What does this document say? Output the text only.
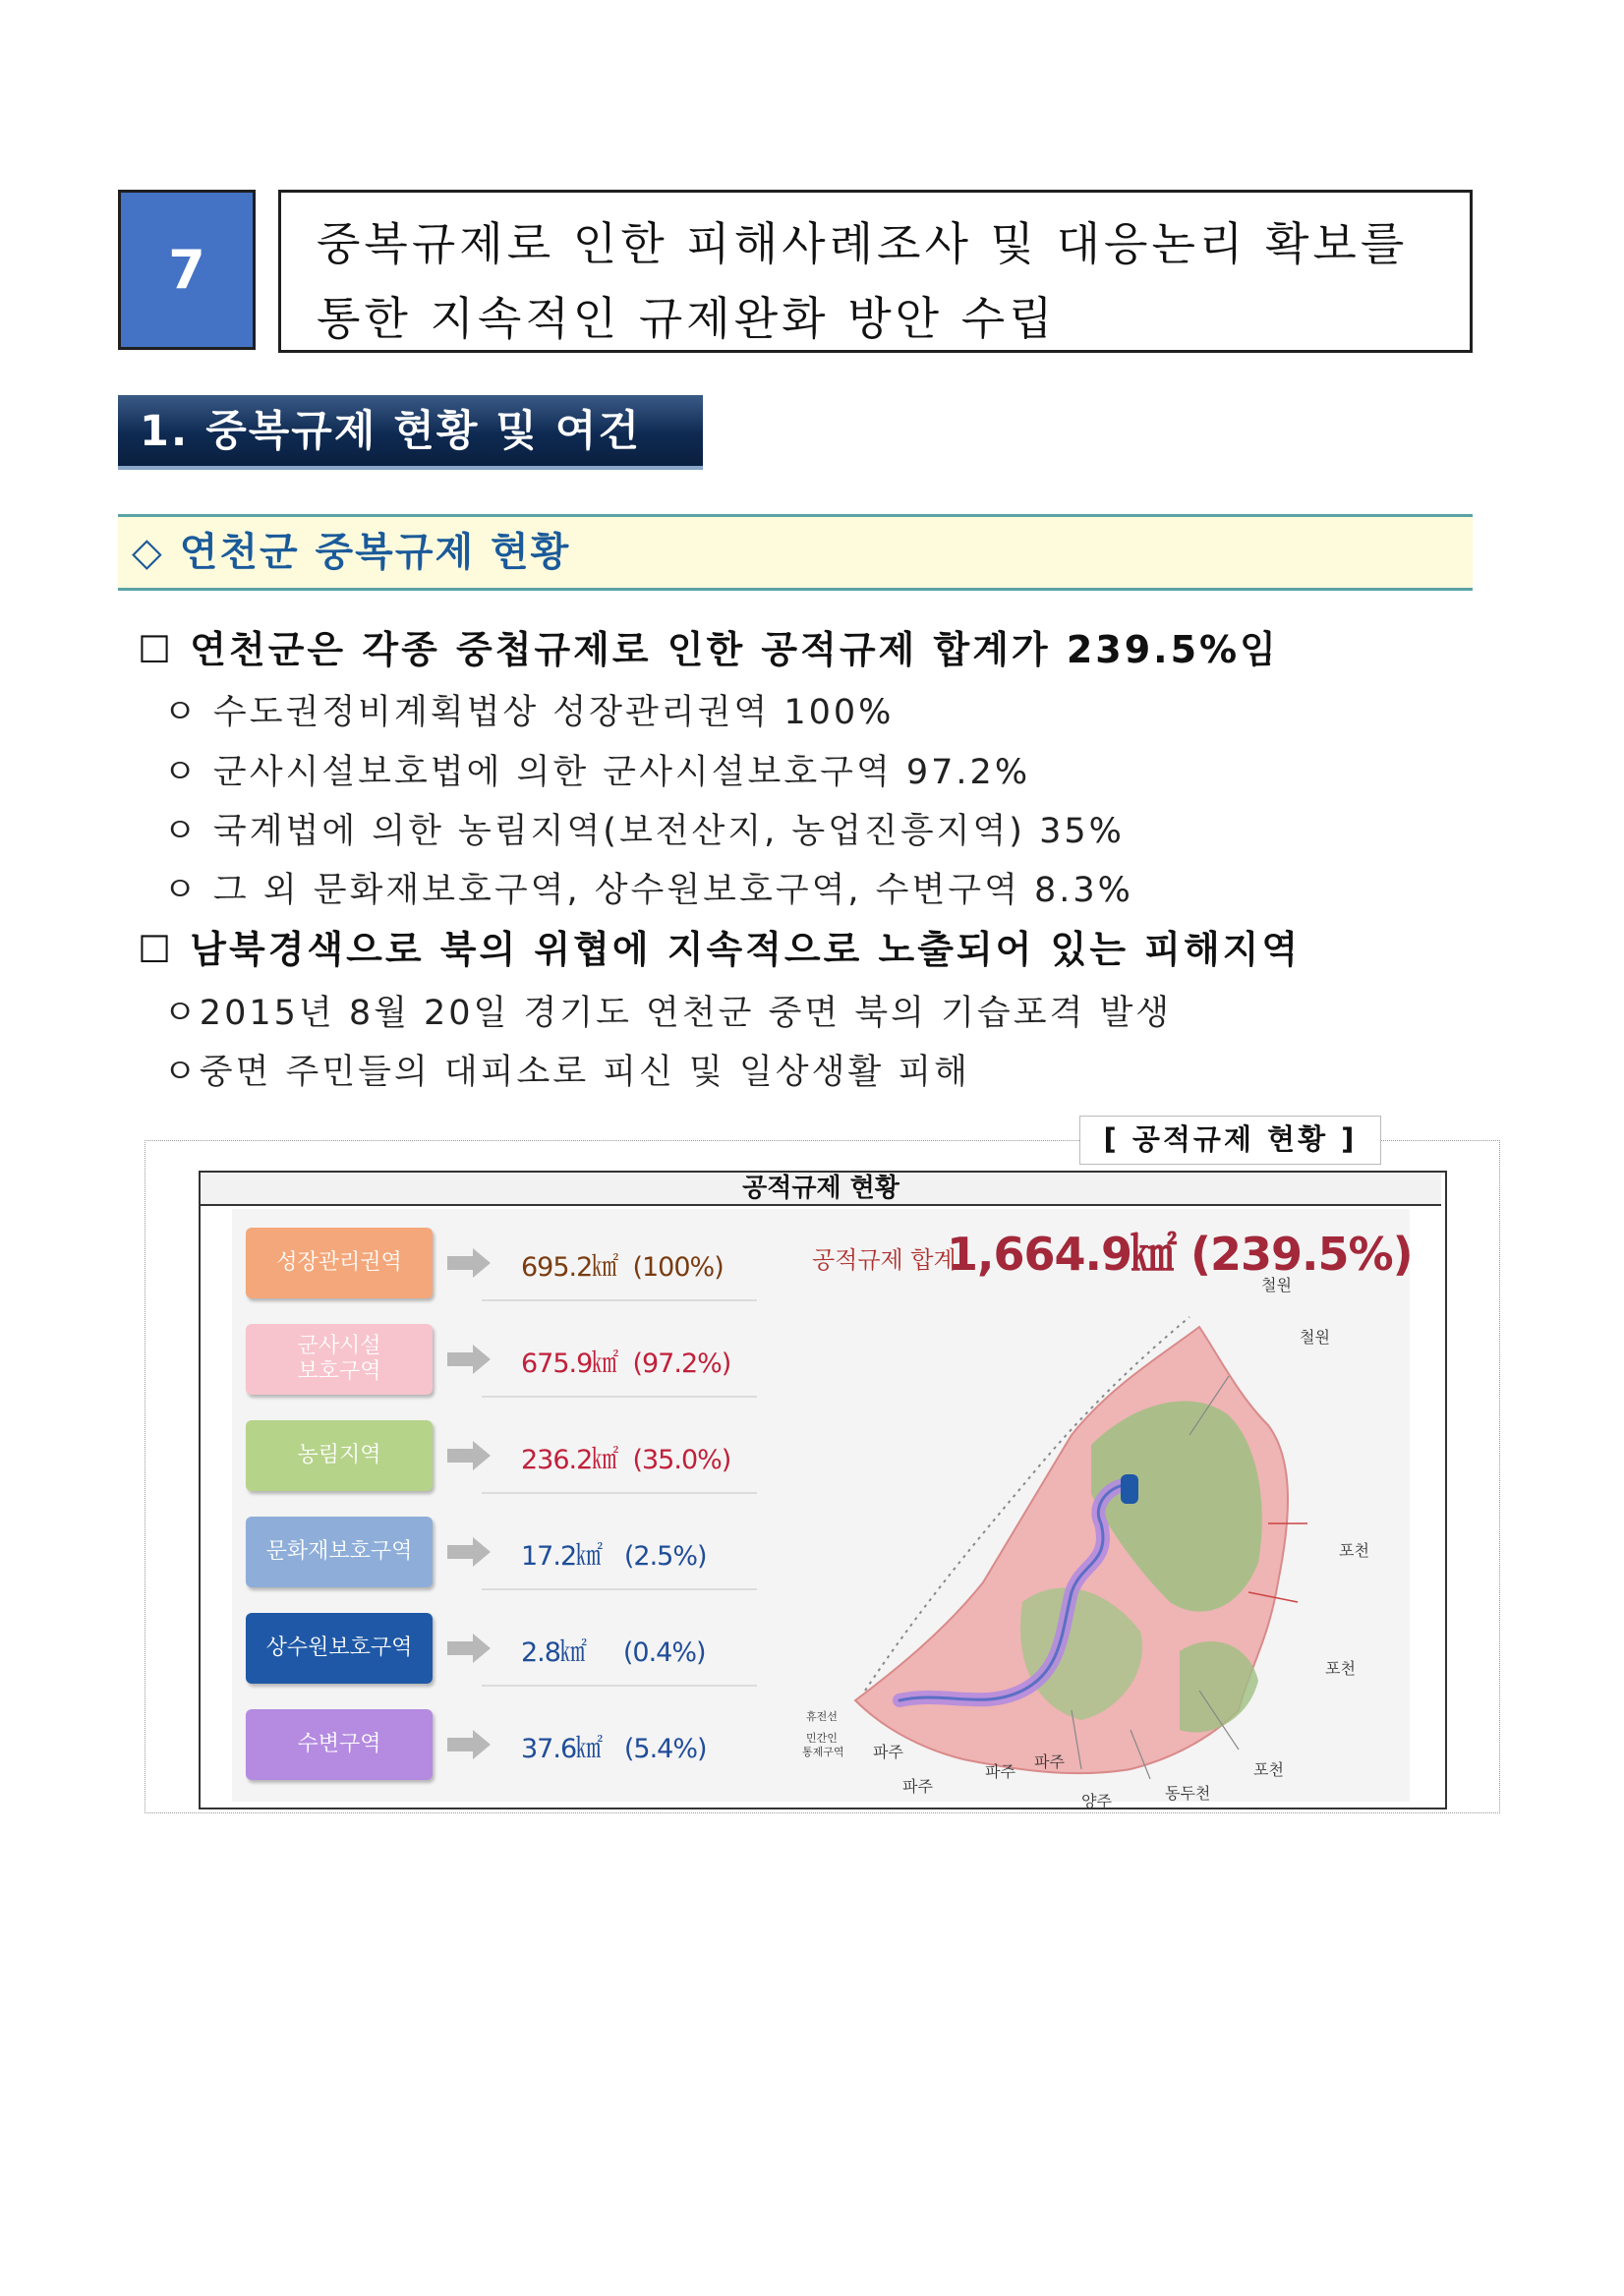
7 중복규제로 인한 피해사례조사 및 대응논리 확보를
통한 지속적인 규제완화 방안 수립
1. 중복규제 현황 및 여건
◇ 연천군 중복규제 현황
☐ 연천군은 각종 중첩규제로 인한 공적규제 합계가 239.5%임
ㅇ 수도권정비계획법상 성장관리권역 100%
ㅇ 군사시설보호법에 의한 군사시설보호구역 97.2%
ㅇ 국계법에 의한 농림지역(보전산지, 농업진흥지역) 35%
ㅇ 그 외 문화재보호구역, 상수원보호구역, 수변구역 8.3%
☐ 남북경색으로 북의 위협에 지속적으로 노출되어 있는 피해지역
ㅇ2015년 8월 20일 경기도 연천군 중면 북의 기습포격 발생
ㅇ중면 주민들의 대피소로 피신 및 일상생활 피해
[ 공적규제 현황 ]
공적규제 현황
성장관리권역	695.2㎢ (100%)
군사시설
보호구역	675.9㎢ (97.2%)
농림지역	236.2㎢ (35.0%)
문화재보호구역	17.2㎢ (2.5%)
상수원보호구역	2.8㎢ (0.4%)
수변구역	37.6㎢ (5.4%)
공적규제 합계
1,664.9㎢ (239.5%)
철원
철원
포천
포천
포천
파주
파주
파주
파주
양주	동두천
휴전선
민간인
통제구역
